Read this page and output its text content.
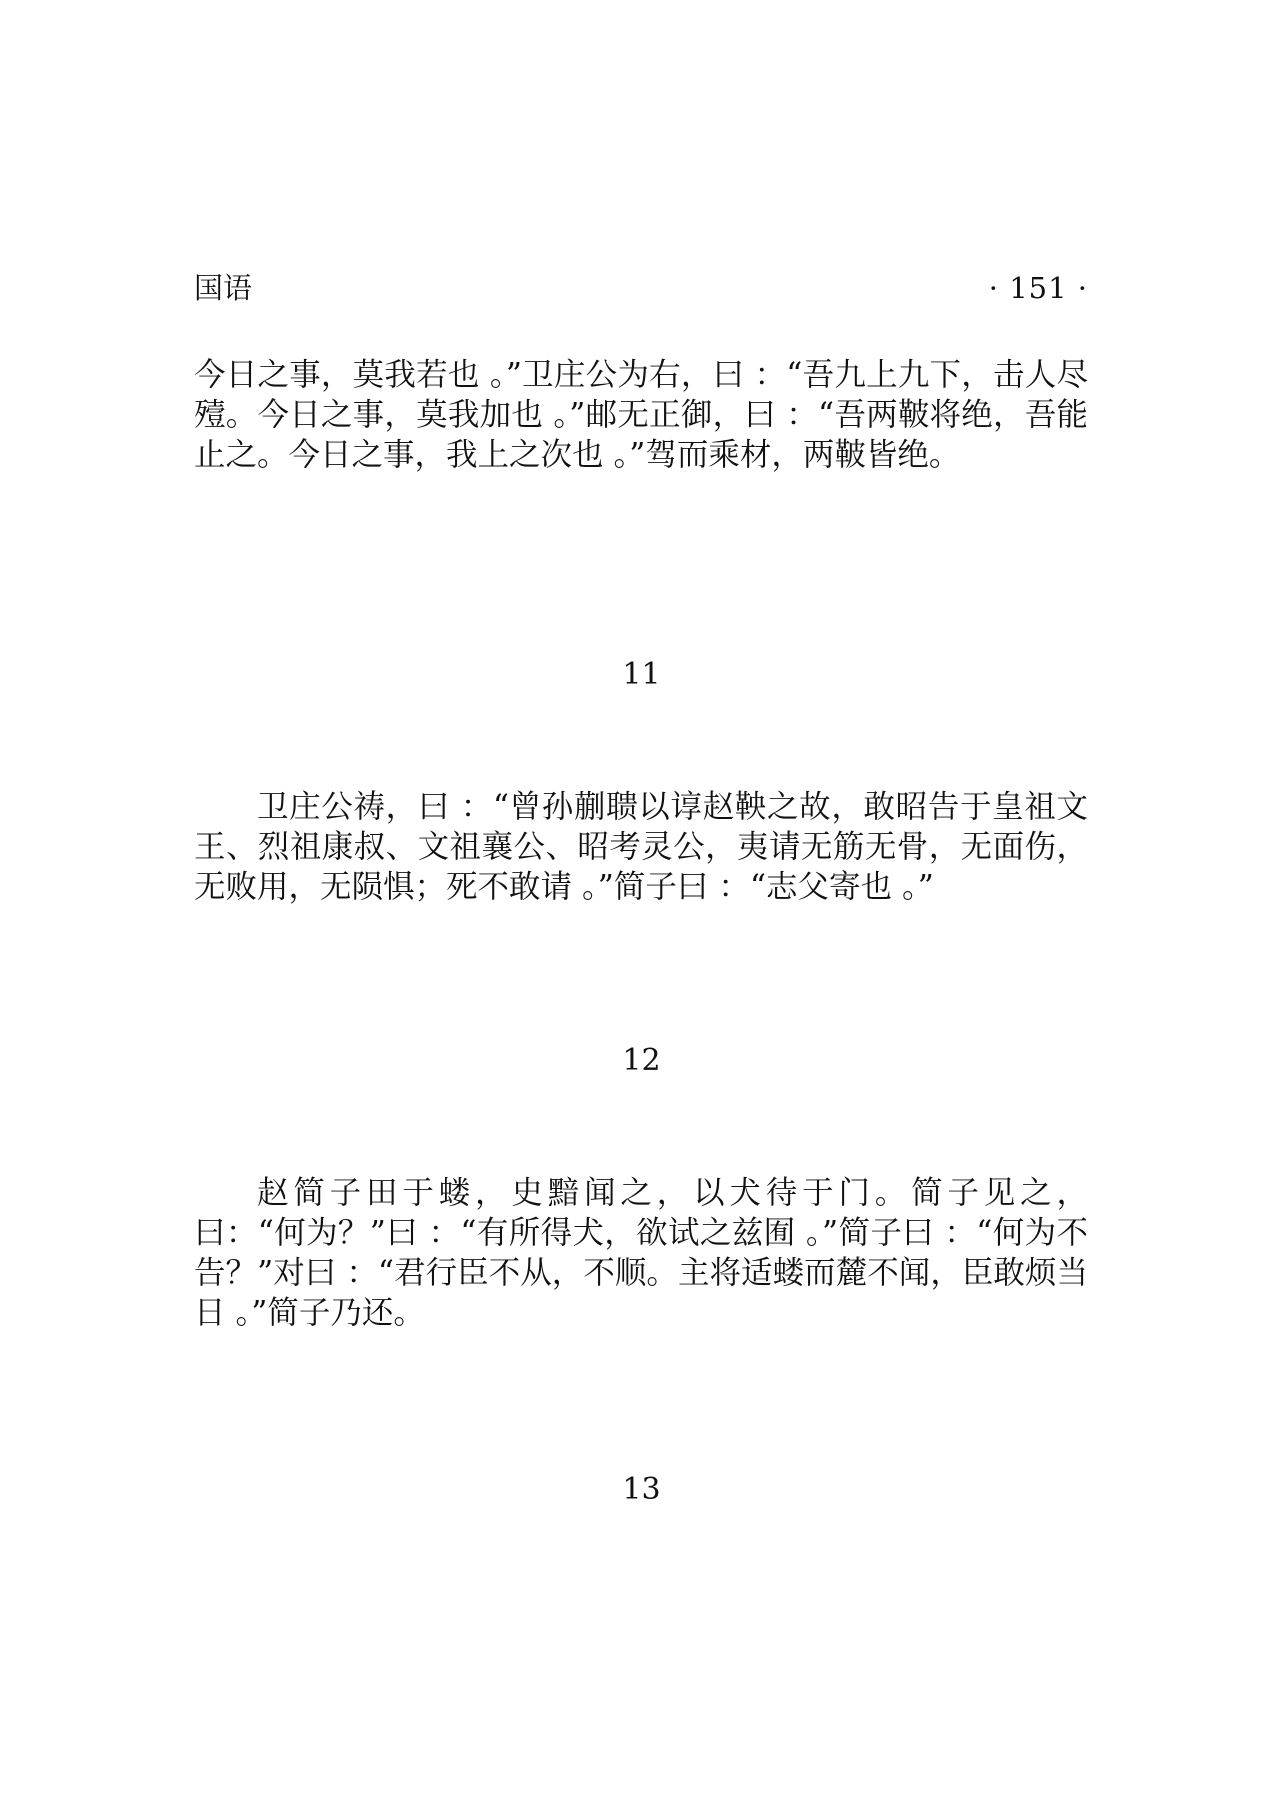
国语	· 151 ·

今日之事，莫我若也 。”卫庄公为右，曰 ：“吾九上九下，击人尽殪。今日之事，莫我加也 。”邮无正御，曰 ：“吾两鞁将绝，吾能止之。今日之事，我上之次也 。”驾而乘材，两鞁皆绝。

11

卫庄公祷，曰 ：“曾孙蒯聩以谆赵鞅之故，敢昭告于皇祖文王、烈祖康叔、文祖襄公、昭考灵公，夷请无筋无骨，无面伤，无败用，无陨惧；死不敢请 。”简子曰 ：“志父寄也 。”

12

赵简子田于蝼，史黯闻之，以犬待于门。简子见之，曰：“何为？”曰 ：“有所得犬，欲试之兹囿 。”简子曰 ：“何为不告？”对曰 ：“君行臣不从，不顺。主将适蝼而麓不闻，臣敢烦当日 。”简子乃还。

13
